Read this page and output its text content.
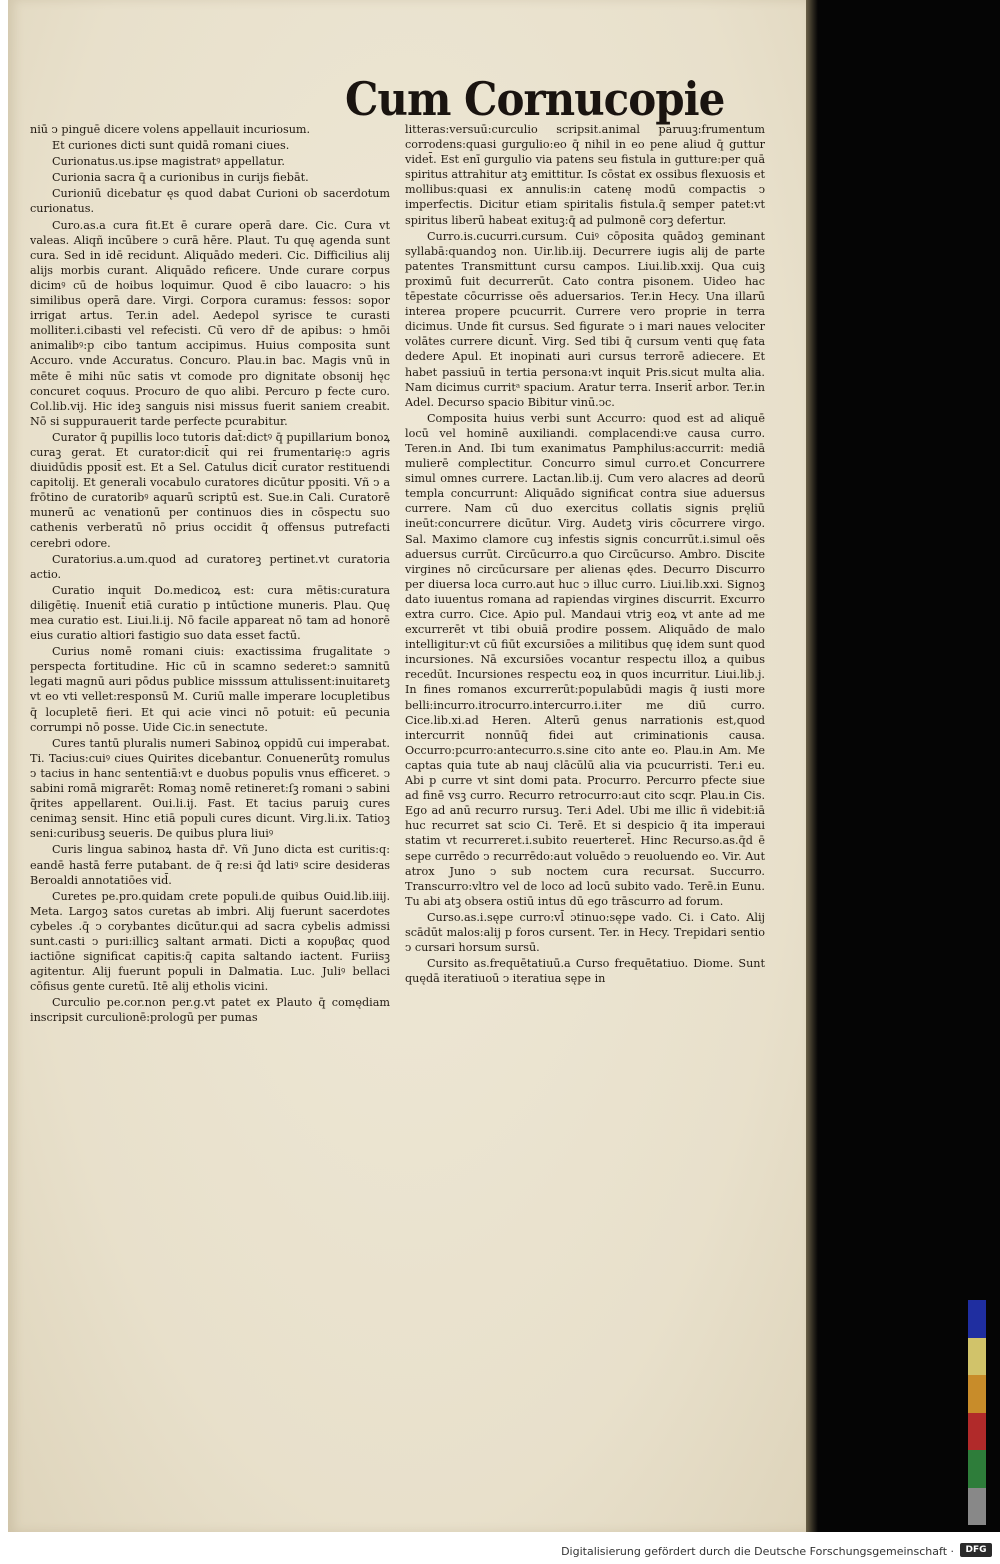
Cum Cornucopie

niū ↄ pinguē dicere volens appellauit incuriosum.

Et curiones dicti sunt quidā romani ciues.

Curionatus.us.ipse magistratꝰ appellatur.

Curionia sacra q̄ a curionibus in curijs fiebāt.

Curioniū dicebatur ęs quod dabat Curioni ob sacerdotum curionatus.

Curo.as.a cura fit.Et ē curare operā dare. Cic. Cura vt valeas. Aliqñ incūbere ↄ curā hēre. Plaut. Tu quę agenda sunt cura. Sed in idē recidunt. Aliquādo mederi. Cic. Difficilius alij alijs morbis curant. Aliquādo reficere. Unde curare corpus dicimꝰ cū de hoibus loquimur. Quod ē cibo lauacro: ↄ his similibus operā dare. Virgi. Corpora curamus: fessos: sopor irrigat artus. Ter.in adel. Aedepol syrisce te curasti molliter.i.cibasti vel refecisti. Cū vero dr̄ de apibus: ↄ hmōi animalibꝰ:p cibo tantum accipimus. Huius composita sunt Accuro. vnde Accuratus. Concuro. Plau.in bac. Magis vnū in mēte ē mihi nūc satis vt comode pro dignitate obsonij hęc concuret coquus. Procuro de quo alibi. Percuro p fecte curo. Col.lib.vij. Hic ideꝫ sanguis nisi missus fuerit saniem creabit. Nō si suppurauerit tarde perfecte pcurabitur.

Curator q̄ pupillis loco tutoris dat̄:dictꝰ q̄ pupillarium bonoꝝ curaꝫ gerat. Et curator:dicit̄ qui rei frumentarię:ↄ agris diuidūdis pposit̄ est. Et a Sel. Catulus dicit̄ curator restituendi capitolij. Et generali vocabulo curatores dicūtur ppositi. Vñ ↄ a frōtino de curatoribꝰ aquarū scriptū est. Sue.in Cali. Curatorē munerū ac venationū per continuos dies in cōspectu suo cathenis verberatū nō prius occidit q̄ offensus putrefacti cerebri odore.

Curatorius.a.um.quod ad curatoreꝫ pertinet.vt curatoria actio.

Curatio inquit Do.medicoꝝ est: cura mētis:curatura diligētię. Inuenit̄ etiā curatio p intūctione muneris. Plau. Quę mea curatio est. Liui.li.ij. Nō facile appareat nō tam ad honorē eius curatio altiori fastigio suo data esset factū.

Curius nomē romani ciuis: exactissima frugalitate ↄ perspecta fortitudine. Hic cū in scamno sederet:ↄ samnitū legati magnū auri pōdus publice misssum attulissent:inuitaretꝫ vt eo vti vellet:responsū M. Curiū malle imperare locupletibus q̄ locupletē fieri. Et qui acie vinci nō potuit: eū pecunia corrumpi nō posse. Uide Cic.in senectute.

Cures tantū pluralis numeri Sabinoꝝ oppidū cui imperabat. Ti. Tacius:cuiꝰ ciues Quirites dicebantur. Conuenerūtꝫ romulus ↄ tacius in hanc sententiā:vt e duobus populis vnus efficeret. ↄ sabini romā migrarēt: Romaꝫ nomē retineret:ſꝫ romani ↄ sabini q̄rites appellarent. Oui.li.ij. Fast. Et tacius paruiꝫ cures cenimaꝫ sensit. Hinc etiā populi cures dicunt. Virg.li.ix. Tatioꝫ seni:curibusꝫ seueris. De quibus plura liuiꝰ

Curis lingua sabinoꝝ hasta dr̄. Vñ Juno dicta est curitis:q: eandē hastā ferre putabant. de q̄ re:si q̄d latiꝰ scire desideras Beroaldi annotatiōes vid̄.

Curetes pe.pro.quidam crete populi.de quibus Ouid.lib.iiij. Meta. Largoꝫ satos curetas ab imbri. Alij fuerunt sacerdotes cybeles .q̄ ↄ corybantes dicūtur.qui ad sacra cybelis admissi sunt.casti ↄ puri:illicꝫ saltant armati. Dicti a κορυβας quod iactiōne significat capitis:q̄ capita saltando iactent. Furiisꝫ agitentur. Alij fuerunt populi in Dalmatia. Luc. Juliꝰ bellaci cōfisus gente curetū. Itē alij etholis vicini.

Curculio pe.cor.non per.g.vt patet ex Plauto q̄ comędiam inscripsit curculionē:prologū per pumas

litteras:versuū:curculio scripsit.animal paruuꝫ:frumentum corrodens:quasi gurgulio:eo q̄ nihil in eo pene aliud q̄ guttur videt̄. Est enī gurgulio via patens seu fistula in gutture:per quā spiritus attrahitur atꝫ emittitur. Is cōstat ex ossibus flexuosis et mollibus:quasi ex annulis:in catenę modū compactis ↄ imperfectis. Dicitur etiam spiritalis fistula.q̄ semper patet:vt spiritus liberū habeat exituꝫ:q̄ ad pulmonē corꝫ defertur.

Curro.is.cucurri.cursum. Cuiꝰ cōposita quādoꝫ geminant syllabā:quandoꝫ non. Uir.lib.iij. Decurrere iugis alij de parte patentes Transmittunt cursu campos. Liui.lib.xxij. Qua cuiꝫ proximū fuit decurrerūt. Cato contra pisonem. Uideo hac tēpestate cōcurrisse oēs aduersarios. Ter.in Hecy. Una illarū interea propere pcucurrit. Currere vero proprie in terra dicimus. Unde fit cursus. Sed figurate ↄ i mari naues velociter volātes currere dicunt̄. Virg. Sed tibi q̄ cursum venti quę fata dedere Apul. Et inopinati auri cursus terrorē adiecere. Et habet passiuū in tertia persona:vt inquit Pris.sicut multa alia. Nam dicimus curritᵃ spacium. Aratur terra. Inserit̄ arbor. Ter.in Adel. Decurso spacio Bibitur vinū.ↄc.

Composita huius verbi sunt Accurro: quod est ad aliquē locū vel hominē auxiliandi. complacendi:ve causa curro. Teren.in And. Ibi tum exanimatus Pamphilus:accurrit: mediā mulierē complectitur. Concurro simul curro.et Concurrere simul omnes currere. Lactan.lib.ij. Cum vero alacres ad deorū templa concurrunt: Aliquādo significat contra siue aduersus currere. Nam cū duo exercitus collatis signis pręliū ineūt:concurrere dicūtur. Virg. Audetꝫ viris cōcurrere virgo. Sal. Maximo clamore cuꝫ infestis signis concurrūt.i.simul oēs aduersus currūt. Circūcurro.a quo Circūcurso. Ambro. Discite virgines nō circūcursare per alienas ędes. Decurro Discurro per diuersa loca curro.aut huc ↄ illuc curro. Liui.lib.xxi. Signoꝫ dato iuuentus romana ad rapiendas virgines discurrit. Excurro extra curro. Cice. Apio pul. Mandaui vtriꝫ eoꝝ vt ante ad me excurrerēt vt tibi obuiā prodire possem. Aliquādo de malo intelligitur:vt cū fiūt excursiōes a militibus quę idem sunt quod incursiones. Nā excursiōes vocantur respectu illoꝝ a quibus recedūt. Incursiones respectu eoꝝ in quos incurritur. Liui.lib.j. In fines romanos excurrerūt:populabūdi magis q̄ iusti more belli:incurro.itrocurro.intercurro.i.iter me diū curro. Cice.lib.xi.ad Heren. Alterū genus narrationis est,quod intercurrit nonnūq̄ fidei aut criminationis causa. Occurro:pcurro:antecurro.s.sine cito ante eo. Plau.in Am. Me captas quia tute ab nauj clācūlū alia via pcucurristi. Ter.i eu. Abi p curre vt sint domi pata. Procurro. Percurro pfecte siue ad finē vsꝫ curro. Recurro retrocurro:aut cito scqr. Plau.in Cis. Ego ad anū recurro rursuꝫ. Ter.i Adel. Ubi me illic ñ videbit:iā huc recurret sat scio Ci. Terē. Et si despicio q̄ ita imperaui statim vt recurreret.i.subito reuerteret̄. Hinc Recurso.as.q̄d ē sepe currēdo ↄ recurrēdo:aut voluēdo ↄ reuoluendo eo. Vir. Aut atrox Juno ↄ sub noctem cura recursat. Succurro. Transcurro:vltro vel de loco ad locū subito vado. Terē.in Eunu. Tu abi atꝫ obsera ostiū intus dū ego trāscurro ad forum.

Curso.as.i.sępe curro:vl̄ ɔtinuo:sępe vado. Ci. i Cato. Alij scādūt malos:alij p foros cursent. Ter. in Hecy. Trepidari sentio ↄ cursari horsum sursū.

Cursito as.frequētatiuū.a Curso frequētatiuo. Diome. Sunt quędā iteratiuoū ↄ iteratiua sępe in

Digitalisierung gefördert durch die Deutsche Forschungsgemeinschaft ·	DFG
